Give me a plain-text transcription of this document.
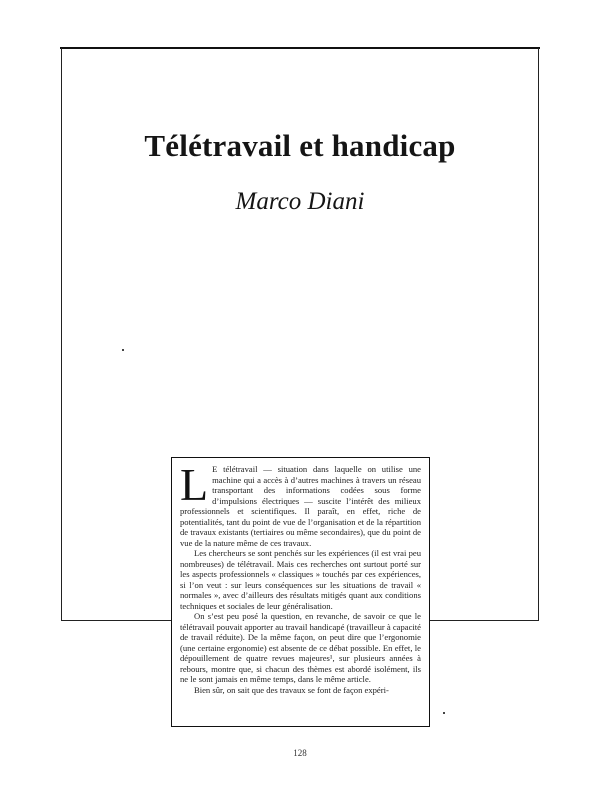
Télétravail et handicap
Marco Diani

L E télétravail — situation dans laquelle on utilise une machine qui a accès à d’autres machines à travers un réseau transportant des informations codées sous forme d’impulsions électriques — suscite l’intérêt des milieux professionnels et scientifiques. Il paraît, en effet, riche de potentialités, tant du point de vue de l’organisation et de la répartition de travaux existants (tertiaires ou même secondaires), que du point de vue de la nature même de ces travaux.

Les chercheurs se sont penchés sur les expériences (il est vrai peu nombreuses) de télétravail. Mais ces recherches ont surtout porté sur les aspects professionnels « classiques » touchés par ces expériences, si l’on veut : sur leurs conséquences sur les situations de travail « normales », avec d’ailleurs des résultats mitigés quant aux conditions techniques et sociales de leur généralisation.

On s’est peu posé la question, en revanche, de savoir ce que le télétravail pouvait apporter au travail handicapé (travailleur à capacité de travail réduite). De la même façon, on peut dire que l’ergonomie (une certaine ergonomie) est absente de ce débat possible. En effet, le dépouillement de quatre revues majeures¹, sur plusieurs années à rebours, montre que, si chacun des thèmes est abordé isolément, ils ne le sont jamais en même temps, dans le même article.

Bien sûr, on sait que des travaux se font de façon expéri-

128
